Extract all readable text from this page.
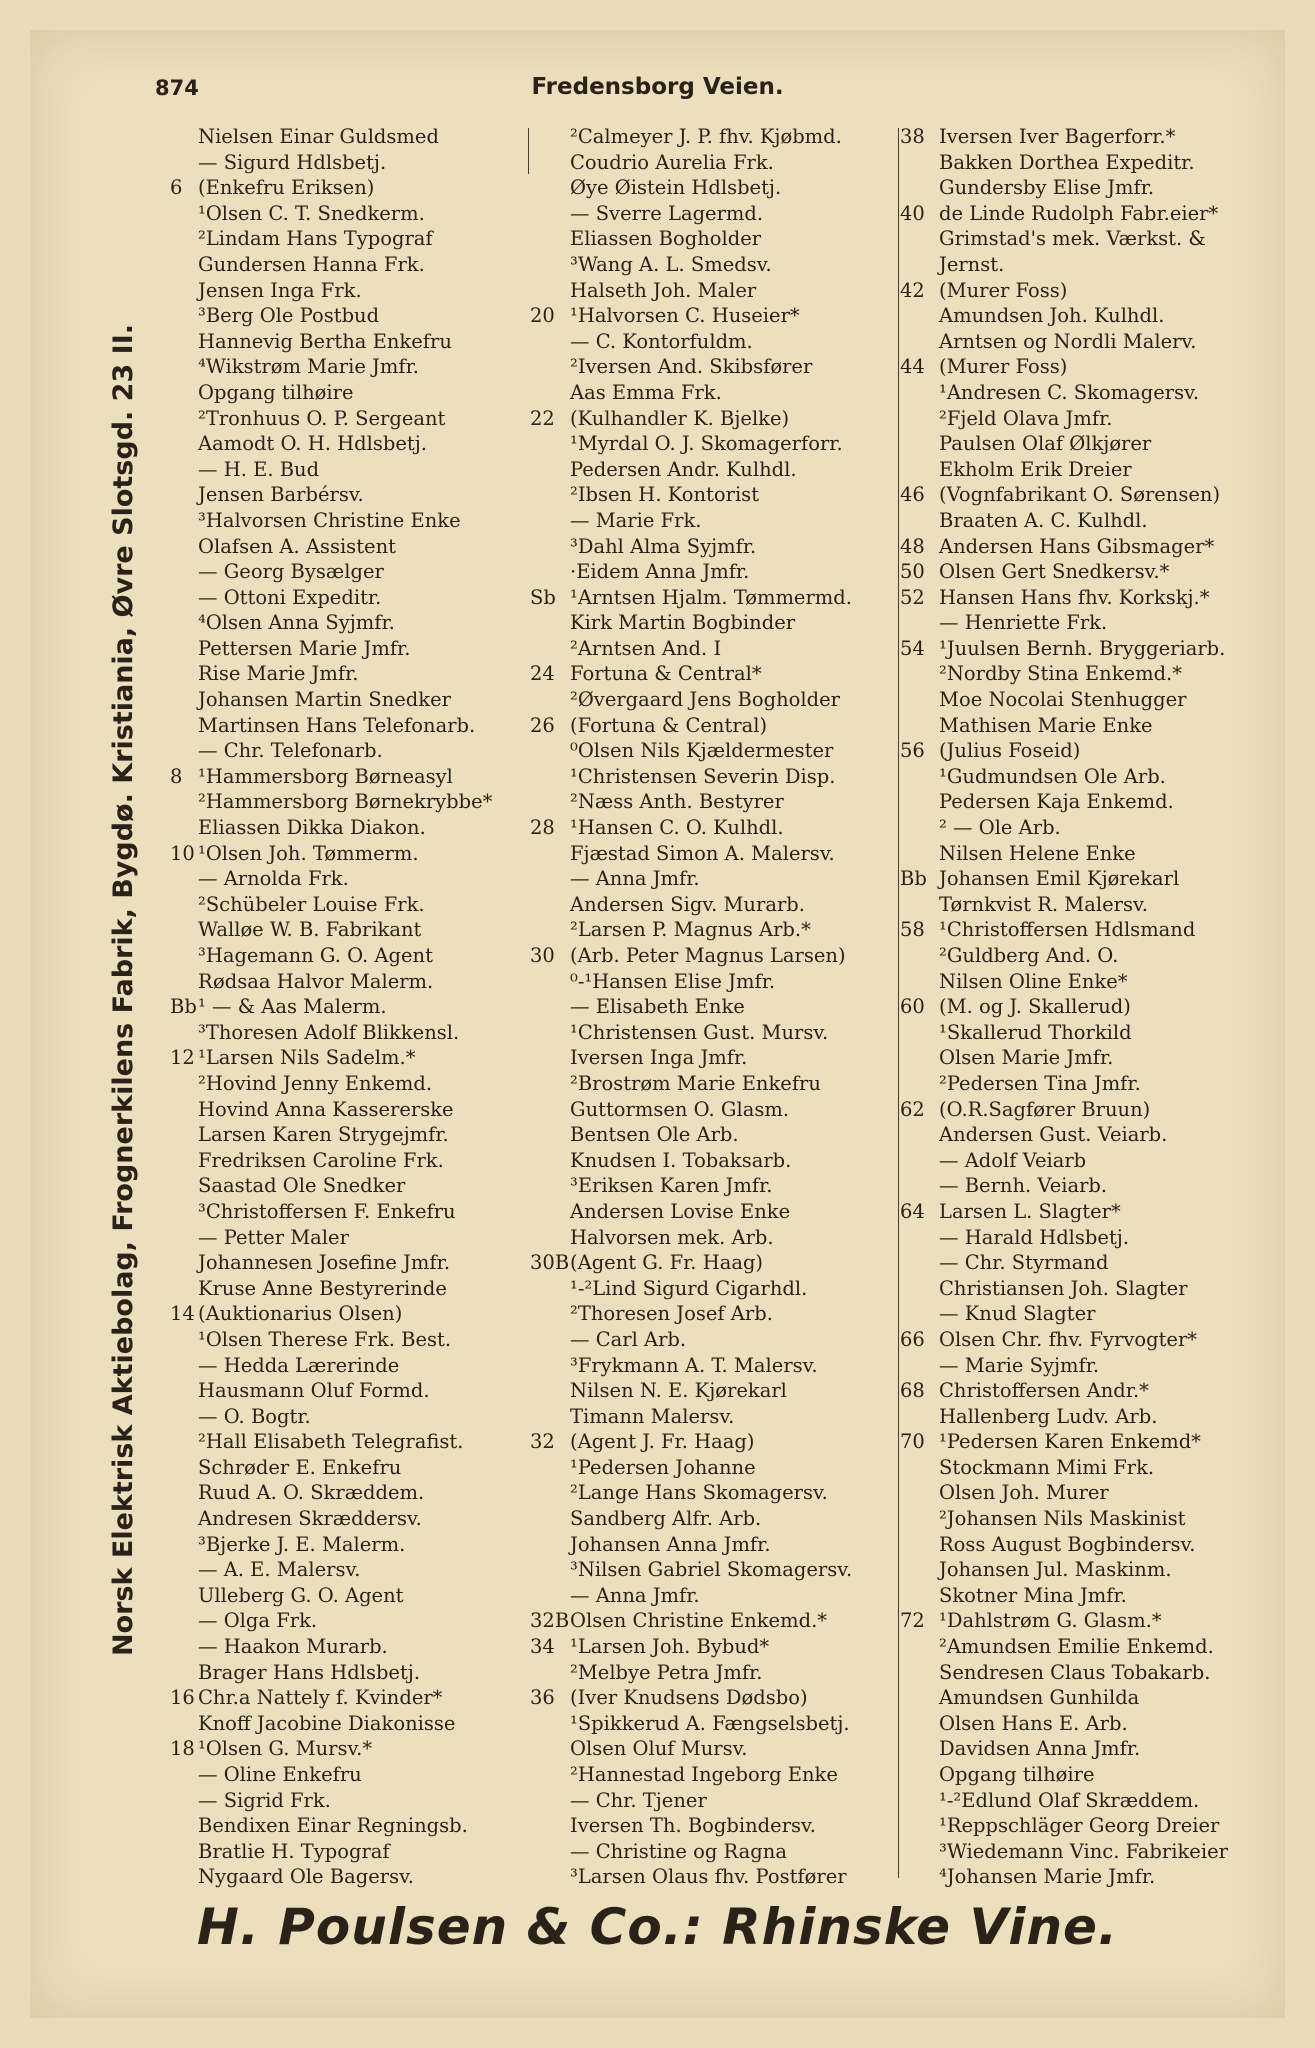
874	Fredensborg Veien.
Norsk Elektrisk Aktiebolag, Frognerkilens Fabrik, Bygdø. Kristiania, Øvre Slotsgd. 23 II.
Nielsen Einar Guldsmed
— Sigurd Hdlsbetj.
6 (Enkefru Eriksen)
¹Olsen C. T. Snedkerm.
²Lindam Hans Typograf
Gundersen Hanna Frk.
Jensen Inga Frk.
³Berg Ole Postbud
Hannevig Bertha Enkefru
⁴Wikstrøm Marie Jmfr.
Opgang tilhøire
²Tronhuus O. P. Sergeant
Aamodt O. H. Hdlsbetj.
— H. E. Bud
Jensen Barbérsv.
³Halvorsen Christine Enke
Olafsen A. Assistent
— Georg Bysælger
— Ottoni Expeditr.
⁴Olsen Anna Syjmfr.
Pettersen Marie Jmfr.
Rise Marie Jmfr.
Johansen Martin Snedker
Martinsen Hans Telefonarb.
— Chr. Telefonarb.
8 ¹Hammersborg Børneasyl
²Hammersborg Børnekrybbe*
Eliassen Dikka Diakon.
10 ¹Olsen Joh. Tømmerm.
— Arnolda Frk.
²Schübeler Louise Frk.
Walløe W. B. Fabrikant
³Hagemann G. O. Agent
Rødsaa Halvor Malerm.
Bb ¹ — & Aas Malerm.
³Thoresen Adolf Blikkensl.
12 ¹Larsen Nils Sadelm.*
²Hovind Jenny Enkemd.
Hovind Anna Kassererske
Larsen Karen Strygejmfr.
Fredriksen Caroline Frk.
Saastad Ole Snedker
³Christoffersen F. Enkefru
— Petter Maler
Johannesen Josefine Jmfr.
Kruse Anne Bestyrerinde
14 (Auktionarius Olsen)
¹Olsen Therese Frk. Best.
— Hedda Lærerinde
Hausmann Oluf Formd.
— O. Bogtr.
²Hall Elisabeth Telegrafist.
Schrøder E. Enkefru
Ruud A. O. Skræddem.
Andresen Skræddersv.
³Bjerke J. E. Malerm.
— A. E. Malersv.
Ulleberg G. O. Agent
— Olga Frk.
— Haakon Murarb.
Brager Hans Hdlsbetj.
16 Chr.a Nattely f. Kvinder*
Knoff Jacobine Diakonisse
18 ¹Olsen G. Mursv.*
— Oline Enkefru
— Sigrid Frk.
Bendixen Einar Regningsb.
Bratlie H. Typograf
Nygaard Ole Bagersv.
²Calmeyer J. P. fhv. Kjøbmd.
Coudrio Aurelia Frk.
Øye Øistein Hdlsbetj.
— Sverre Lagermd.
Eliassen Bogholder
³Wang A. L. Smedsv.
Halseth Joh. Maler
20 ¹Halvorsen C. Huseier*
— C. Kontorfuldm.
²Iversen And. Skibsfører
Aas Emma Frk.
22 (Kulhandler K. Bjelke)
¹Myrdal O. J. Skomagerforr.
Pedersen Andr. Kulhdl.
²Ibsen H. Kontorist
— Marie Frk.
³Dahl Alma Syjmfr.
·Eidem Anna Jmfr.
Sb ¹Arntsen Hjalm. Tømmermd.
Kirk Martin Bogbinder
²Arntsen And. I
24 Fortuna & Central*
²Øvergaard Jens Bogholder
26 (Fortuna & Central)
⁰Olsen Nils Kjældermester
¹Christensen Severin Disp.
²Næss Anth. Bestyrer
28 ¹Hansen C. O. Kulhdl.
Fjæstad Simon A. Malersv.
— Anna Jmfr.
Andersen Sigv. Murarb.
²Larsen P. Magnus Arb.*
30 (Arb. Peter Magnus Larsen)
⁰-¹Hansen Elise Jmfr.
— Elisabeth Enke
¹Christensen Gust. Mursv.
Iversen Inga Jmfr.
²Brostrøm Marie Enkefru
Guttormsen O. Glasm.
Bentsen Ole Arb.
Knudsen I. Tobaksarb.
³Eriksen Karen Jmfr.
Andersen Lovise Enke
Halvorsen mek. Arb.
30B (Agent G. Fr. Haag)
¹-²Lind Sigurd Cigarhdl.
²Thoresen Josef Arb.
— Carl Arb.
³Frykmann A. T. Malersv.
Nilsen N. E. Kjørekarl
Timann Malersv.
32 (Agent J. Fr. Haag)
¹Pedersen Johanne
²Lange Hans Skomagersv.
Sandberg Alfr. Arb.
Johansen Anna Jmfr.
³Nilsen Gabriel Skomagersv.
— Anna Jmfr.
32B Olsen Christine Enkemd.*
34 ¹Larsen Joh. Bybud*
²Melbye Petra Jmfr.
36 (Iver Knudsens Dødsbo)
¹Spikkerud A. Fængselsbetj.
Olsen Oluf Mursv.
²Hannestad Ingeborg Enke
— Chr. Tjener
Iversen Th. Bogbindersv.
— Christine og Ragna
³Larsen Olaus fhv. Postfører
38 Iversen Iver Bagerforr.*
Bakken Dorthea Expeditr.
Gundersby Elise Jmfr.
40 de Linde Rudolph Fabr.eier*
Grimstad's mek. Værkst. &
Jernst.
42 (Murer Foss)
Amundsen Joh. Kulhdl.
Arntsen og Nordli Malerv.
44 (Murer Foss)
¹Andresen C. Skomagersv.
²Fjeld Olava Jmfr.
Paulsen Olaf Ølkjører
Ekholm Erik Dreier
46 (Vognfabrikant O. Sørensen)
Braaten A. C. Kulhdl.
48 Andersen Hans Gibsmager*
50 Olsen Gert Snedkersv.*
52 Hansen Hans fhv. Korkskj.*
— Henriette Frk.
54 ¹Juulsen Bernh. Bryggeriarb.
²Nordby Stina Enkemd.*
Moe Nocolai Stenhugger
Mathisen Marie Enke
56 (Julius Foseid)
¹Gudmundsen Ole Arb.
Pedersen Kaja Enkemd.
² — Ole Arb.
Nilsen Helene Enke
Bb Johansen Emil Kjørekarl
Tørnkvist R. Malersv.
58 ¹Christoffersen Hdlsmand
²Guldberg And. O.
Nilsen Oline Enke*
60 (M. og J. Skallerud)
¹Skallerud Thorkild
Olsen Marie Jmfr.
²Pedersen Tina Jmfr.
62 (O.R.Sagfører Bruun)
Andersen Gust. Veiarb.
— Adolf Veiarb
— Bernh. Veiarb.
64 Larsen L. Slagter*
— Harald Hdlsbetj.
— Chr. Styrmand
Christiansen Joh. Slagter
— Knud Slagter
66 Olsen Chr. fhv. Fyrvogter*
— Marie Syjmfr.
68 Christoffersen Andr.*
Hallenberg Ludv. Arb.
70 ¹Pedersen Karen Enkemd*
Stockmann Mimi Frk.
Olsen Joh. Murer
²Johansen Nils Maskinist
Ross August Bogbindersv.
Johansen Jul. Maskinm.
Skotner Mina Jmfr.
72 ¹Dahlstrøm G. Glasm.*
²Amundsen Emilie Enkemd.
Sendresen Claus Tobakarb.
Amundsen Gunhilda
Olsen Hans E. Arb.
Davidsen Anna Jmfr.
Opgang tilhøire
¹-²Edlund Olaf Skræddem.
¹Reppschläger Georg Dreier
³Wiedemann Vinc. Fabrikeier
⁴Johansen Marie Jmfr.
H. Poulsen & Co.: Rhinske Vine.
